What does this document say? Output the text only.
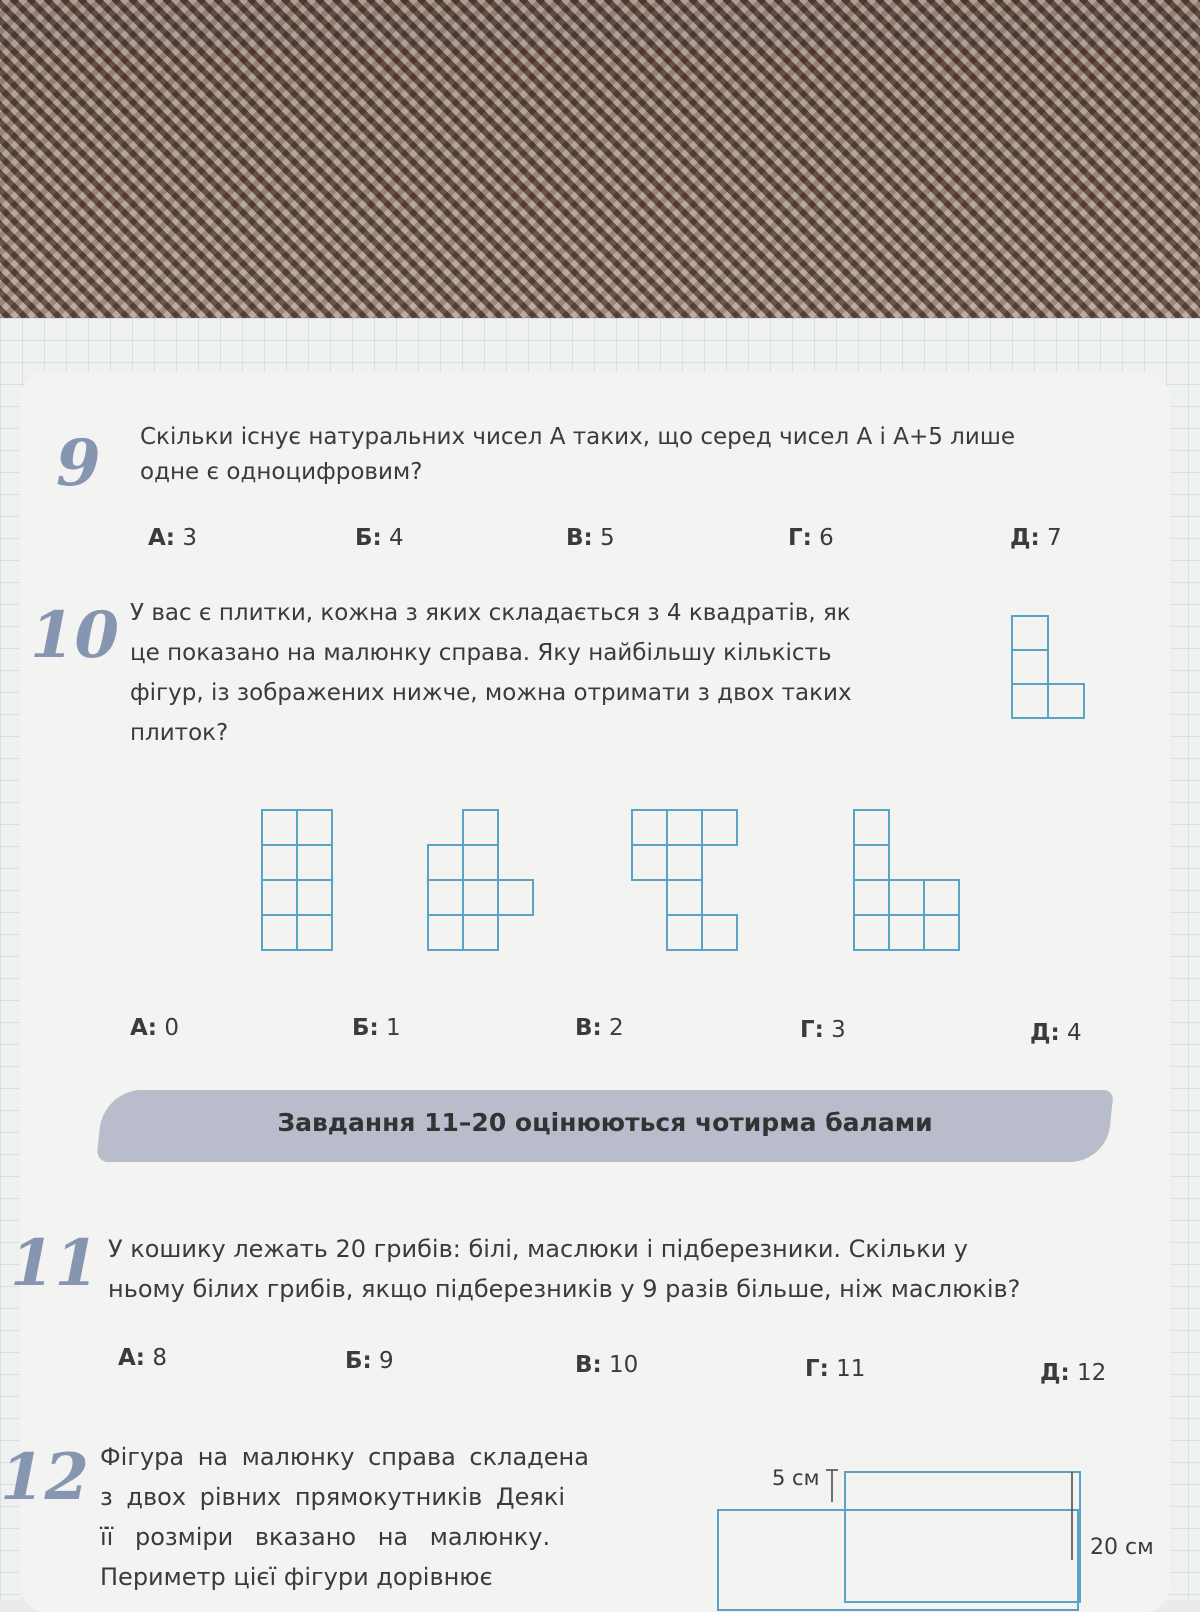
9 Скільки існує натуральних чисел А таких, що серед чисел А і А+5 лише
одне є одноцифровим?
А: 3	Б: 4	В: 5	Г: 6	Д: 7
10 У вас є плитки, кожна з яких складається з 4 квадратів, як
це показано на малюнку справа. Яку найбільшу кількість
фігур, із зображених нижче, можна отримати з двох таких
плиток?
А: 0	Б: 1	В: 2	Г: 3	Д: 4
Завдання 11–20 оцінюються чотирма балами
11 У кошику лежать 20 грибів: білі, маслюки і підберезники. Скільки у
ньому білих грибів, якщо підберезників у 9 разів більше, ніж маслюків?
А: 8	Б: 9	В: 10	Г: 11	Д: 12
12 Фігура на малюнку справа складена
з двох рівних прямокутників Деякі
її розміри вказано на малюнку.
Периметр цієї фігури дорівнює
5 см
20 см
